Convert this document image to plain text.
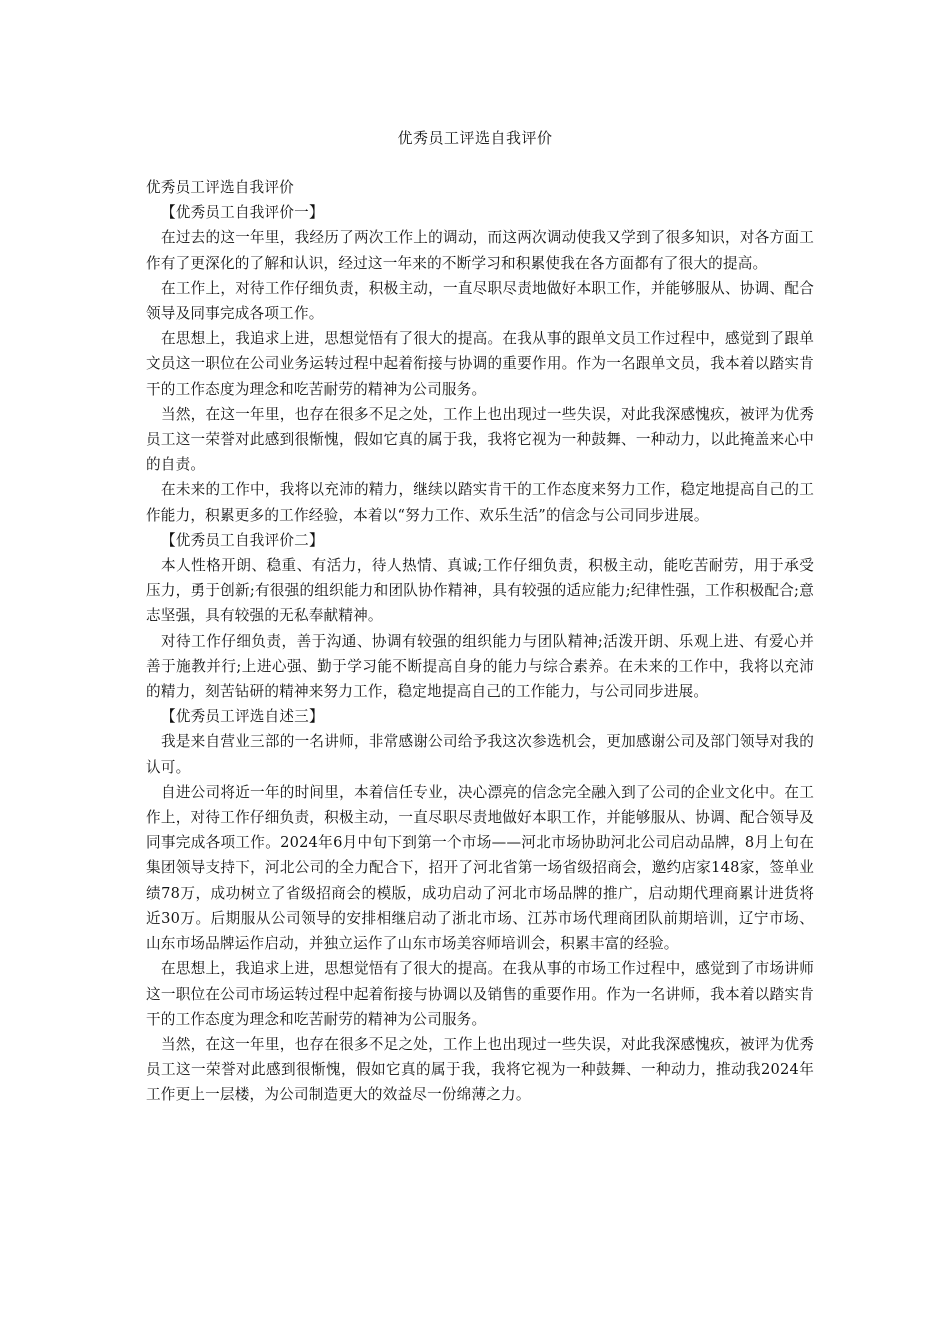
优秀员工评选自我评价

优秀员工评选自我评价

【优秀员工自我评价一】

在过去的这一年里，我经历了两次工作上的调动，而这两次调动使我又学到了很多知识，对各方面工作有了更深化的了解和认识，经过这一年来的不断学习和积累使我在各方面都有了很大的提高。

在工作上，对待工作仔细负责，积极主动，一直尽职尽责地做好本职工作，并能够服从、协调、配合领导及同事完成各项工作。

在思想上，我追求上进，思想觉悟有了很大的提高。在我从事的跟单文员工作过程中，感觉到了跟单文员这一职位在公司业务运转过程中起着衔接与协调的重要作用。作为一名跟单文员，我本着以踏实肯干的工作态度为理念和吃苦耐劳的精神为公司服务。

当然，在这一年里，也存在很多不足之处，工作上也出现过一些失误，对此我深感愧疚，被评为优秀员工这一荣誉对此感到很惭愧，假如它真的属于我，我将它视为一种鼓舞、一种动力，以此掩盖来心中的自责。

在未来的工作中，我将以充沛的精力，继续以踏实肯干的工作态度来努力工作，稳定地提高自己的工作能力，积累更多的工作经验，本着以“努力工作、欢乐生活”的信念与公司同步进展。

【优秀员工自我评价二】

本人性格开朗、稳重、有活力，待人热情、真诚;工作仔细负责，积极主动，能吃苦耐劳，用于承受压力，勇于创新;有很强的组织能力和团队协作精神，具有较强的适应能力;纪律性强，工作积极配合;意志坚强，具有较强的无私奉献精神。

对待工作仔细负责，善于沟通、协调有较强的组织能力与团队精神;活泼开朗、乐观上进、有爱心并善于施教并行;上进心强、勤于学习能不断提高自身的能力与综合素养。在未来的工作中，我将以充沛的精力，刻苦钻研的精神来努力工作，稳定地提高自己的工作能力，与公司同步进展。

【优秀员工评选自述三】

我是来自营业三部的一名讲师，非常感谢公司给予我这次参选机会，更加感谢公司及部门领导对我的认可。

自进公司将近一年的时间里，本着信任专业，决心漂亮的信念完全融入到了公司的企业文化中。在工作上，对待工作仔细负责，积极主动，一直尽职尽责地做好本职工作，并能够服从、协调、配合领导及同事完成各项工作。2024年6月中旬下到第一个市场——河北市场协助河北公司启动品牌，8月上旬在集团领导支持下，河北公司的全力配合下，招开了河北省第一场省级招商会，邀约店家148家，签单业绩78万，成功树立了省级招商会的模版，成功启动了河北市场品牌的推广，启动期代理商累计进货将近30万。后期服从公司领导的安排相继启动了浙北市场、江苏市场代理商团队前期培训，辽宁市场、山东市场品牌运作启动，并独立运作了山东市场美容师培训会，积累丰富的经验。

在思想上，我追求上进，思想觉悟有了很大的提高。在我从事的市场工作过程中，感觉到了市场讲师这一职位在公司市场运转过程中起着衔接与协调以及销售的重要作用。作为一名讲师，我本着以踏实肯干的工作态度为理念和吃苦耐劳的精神为公司服务。

当然，在这一年里，也存在很多不足之处，工作上也出现过一些失误，对此我深感愧疚，被评为优秀员工这一荣誉对此感到很惭愧，假如它真的属于我，我将它视为一种鼓舞、一种动力，推动我2024年工作更上一层楼，为公司制造更大的效益尽一份绵薄之力。
